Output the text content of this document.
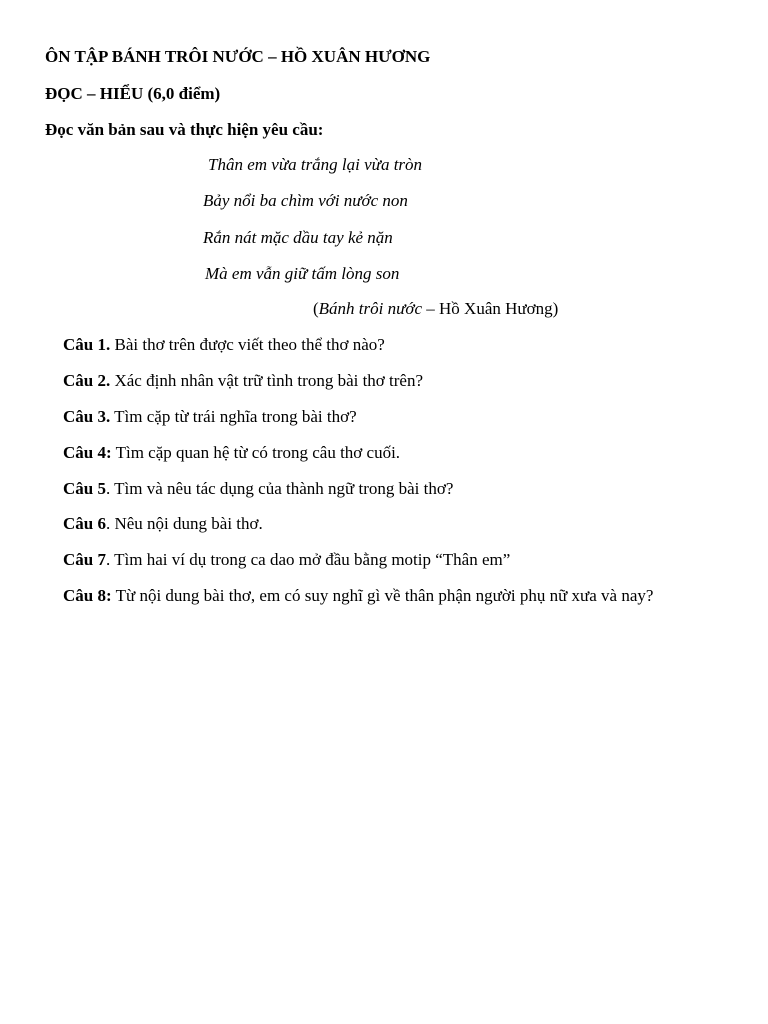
ÔN TẬP BÁNH TRÔI NƯỚC – HỒ XUÂN HƯƠNG
ĐỌC – HIỂU (6,0 điểm)
Đọc văn bản sau và thực hiện yêu cầu:
Thân em vừa trắng lại vừa tròn
Bảy nổi ba chìm với nước non
Rắn nát mặc dầu tay kẻ nặn
Mà em vẫn giữ tấm lòng son
(Bánh trôi nước – Hồ Xuân Hương)
Câu 1. Bài thơ trên được viết theo thể thơ nào?
Câu 2. Xác định nhân vật trữ tình trong bài thơ trên?
Câu 3. Tìm cặp từ trái nghĩa trong bài thơ?
Câu 4: Tìm cặp quan hệ từ có trong câu thơ cuối.
Câu 5. Tìm và nêu tác dụng của thành ngữ trong bài thơ?
Câu 6. Nêu nội dung bài thơ.
Câu 7. Tìm hai ví dụ trong ca dao mở đầu bằng motip “Thân em”
Câu 8: Từ nội dung bài thơ, em có suy nghĩ gì về thân phận người phụ nữ xưa và nay?
